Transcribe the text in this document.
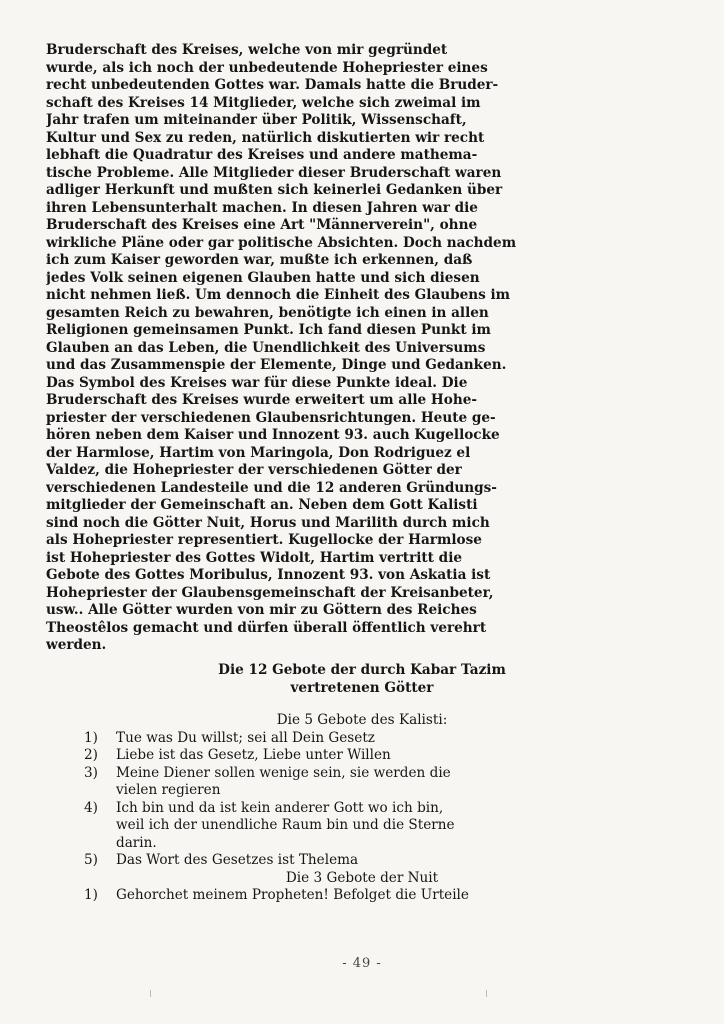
Bruderschaft des Kreises, welche von mir gegründet
wurde, als ich noch der unbedeutende Hohepriester eines
recht unbedeutenden Gottes war. Damals hatte die Bruder-
schaft des Kreises 14 Mitglieder, welche sich zweimal im
Jahr trafen um miteinander über Politik, Wissenschaft,
Kultur und Sex zu reden, natürlich diskutierten wir recht
lebhaft die Quadratur des Kreises und andere mathema-
tische Probleme. Alle Mitglieder dieser Bruderschaft waren
adliger Herkunft und mußten sich keinerlei Gedanken über
ihren Lebensunterhalt machen. In diesen Jahren war die
Bruderschaft des Kreises eine Art "Männerverein", ohne
wirkliche Pläne oder gar politische Absichten. Doch nachdem
ich zum Kaiser geworden war, mußte ich erkennen, daß
jedes Volk seinen eigenen Glauben hatte und sich diesen
nicht nehmen ließ. Um dennoch die Einheit des Glaubens im
gesamten Reich zu bewahren, benötigte ich einen in allen
Religionen gemeinsamen Punkt. Ich fand diesen Punkt im
Glauben an das Leben, die Unendlichkeit des Universums
und das Zusammenspie der Elemente, Dinge und Gedanken.
Das Symbol des Kreises war für diese Punkte ideal. Die
Bruderschaft des Kreises wurde erweitert um alle Hohe-
priester der verschiedenen Glaubensrichtungen. Heute ge-
hören neben dem Kaiser und Innozent 93. auch Kugellocke
der Harmlose, Hartim von Maringola, Don Rodriguez el
Valdez, die Hohepriester der verschiedenen Götter der
verschiedenen Landesteile und die 12 anderen Gründungs-
mitglieder der Gemeinschaft an. Neben dem Gott Kalisti
sind noch die Götter Nuit, Horus und Marilith durch mich
als Hohepriester representiert. Kugellocke der Harmlose
ist Hohepriester des Gottes Widolt, Hartim vertritt die
Gebote des Gottes Moribulus, Innozent 93. von Askatia ist
Hohepriester der Glaubensgemeinschaft der Kreisanbeter,
usw.. Alle Götter wurden von mir zu Göttern des Reiches
Theostêlos gemacht und dürfen überall öffentlich verehrt
werden.
Die 12 Gebote der durch Kabar Tazim
vertretenen Götter
Die 5 Gebote des Kalisti:
1) Tue was Du willst; sei all Dein Gesetz
2) Liebe ist das Gesetz, Liebe unter Willen
3) Meine Diener sollen wenige sein, sie werden die
vielen regieren
4) Ich bin und da ist kein anderer Gott wo ich bin,
weil ich der unendliche Raum bin und die Sterne
darin.
5) Das Wort des Gesetzes ist Thelema
Die 3 Gebote der Nuit
1) Gehorchet meinem Propheten! Befolget die Urteile
- 49 -
